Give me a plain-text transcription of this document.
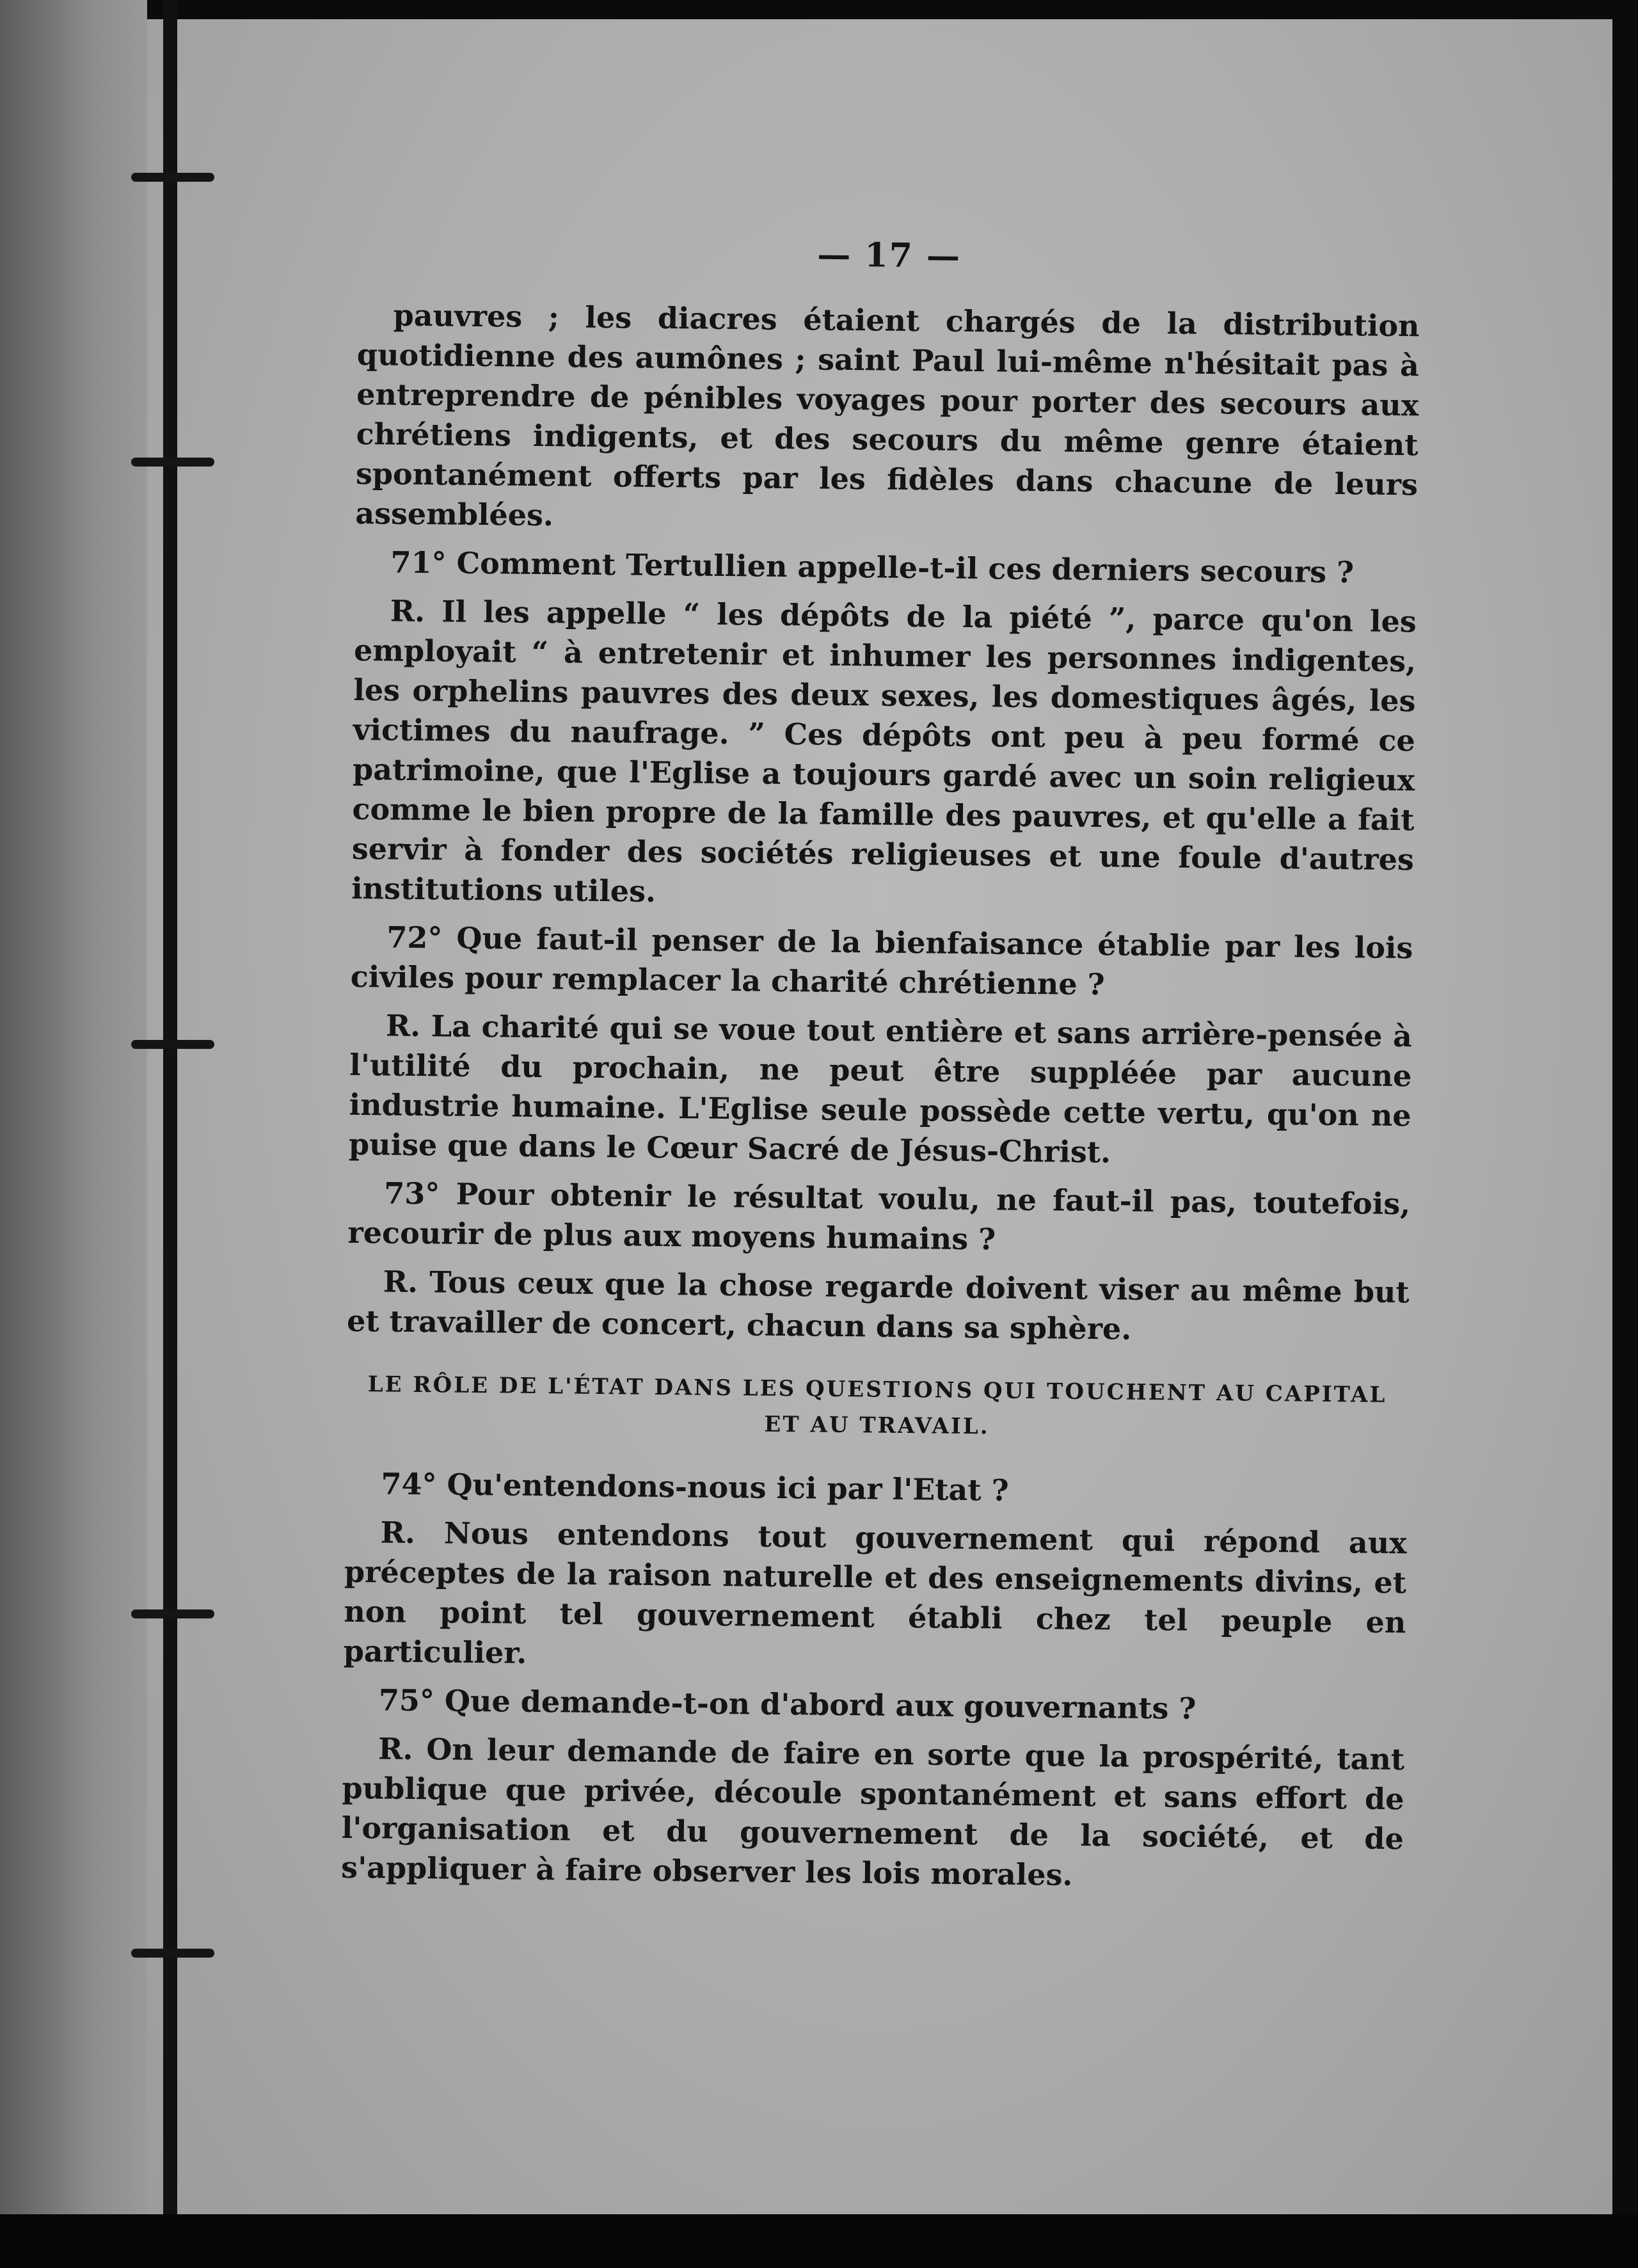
— 17 —

pauvres ; les diacres étaient chargés de la distribution quotidienne des aumônes ; saint Paul lui-même n'hésitait pas à entreprendre de pénibles voyages pour porter des secours aux chrétiens indigents, et des secours du même genre étaient spontanément offerts par les fidèles dans chacune de leurs assemblées.

71° Comment Tertullien appelle-t-il ces derniers secours ?

R. Il les appelle “ les dépôts de la piété ”, parce qu'on les employait “ à entretenir et inhumer les personnes indigentes, les orphelins pauvres des deux sexes, les domestiques âgés, les victimes du naufrage. ” Ces dépôts ont peu à peu formé ce patrimoine, que l'Eglise a toujours gardé avec un soin religieux comme le bien propre de la famille des pauvres, et qu'elle a fait servir à fonder des sociétés religieuses et une foule d'autres institutions utiles.

72° Que faut-il penser de la bienfaisance établie par les lois civiles pour remplacer la charité chrétienne ?

R. La charité qui se voue tout entière et sans arrière-pensée à l'utilité du prochain, ne peut être suppléée par aucune industrie humaine. L'Eglise seule possède cette vertu, qu'on ne puise que dans le Cœur Sacré de Jésus-Christ.

73° Pour obtenir le résultat voulu, ne faut-il pas, toutefois, recourir de plus aux moyens humains ?

R. Tous ceux que la chose regarde doivent viser au même but et travailler de concert, chacun dans sa sphère.

LE RÔLE DE L'ÉTAT DANS LES QUESTIONS QUI TOUCHENT AU CAPITAL ET AU TRAVAIL.

74° Qu'entendons-nous ici par l'Etat ?

R. Nous entendons tout gouvernement qui répond aux préceptes de la raison naturelle et des enseignements divins, et non point tel gouvernement établi chez tel peuple en particulier.

75° Que demande-t-on d'abord aux gouvernants ?

R. On leur demande de faire en sorte que la prospérité, tant publique que privée, découle spontanément et sans effort de l'organisation et du gouvernement de la société, et de s'appliquer à faire observer les lois morales.
